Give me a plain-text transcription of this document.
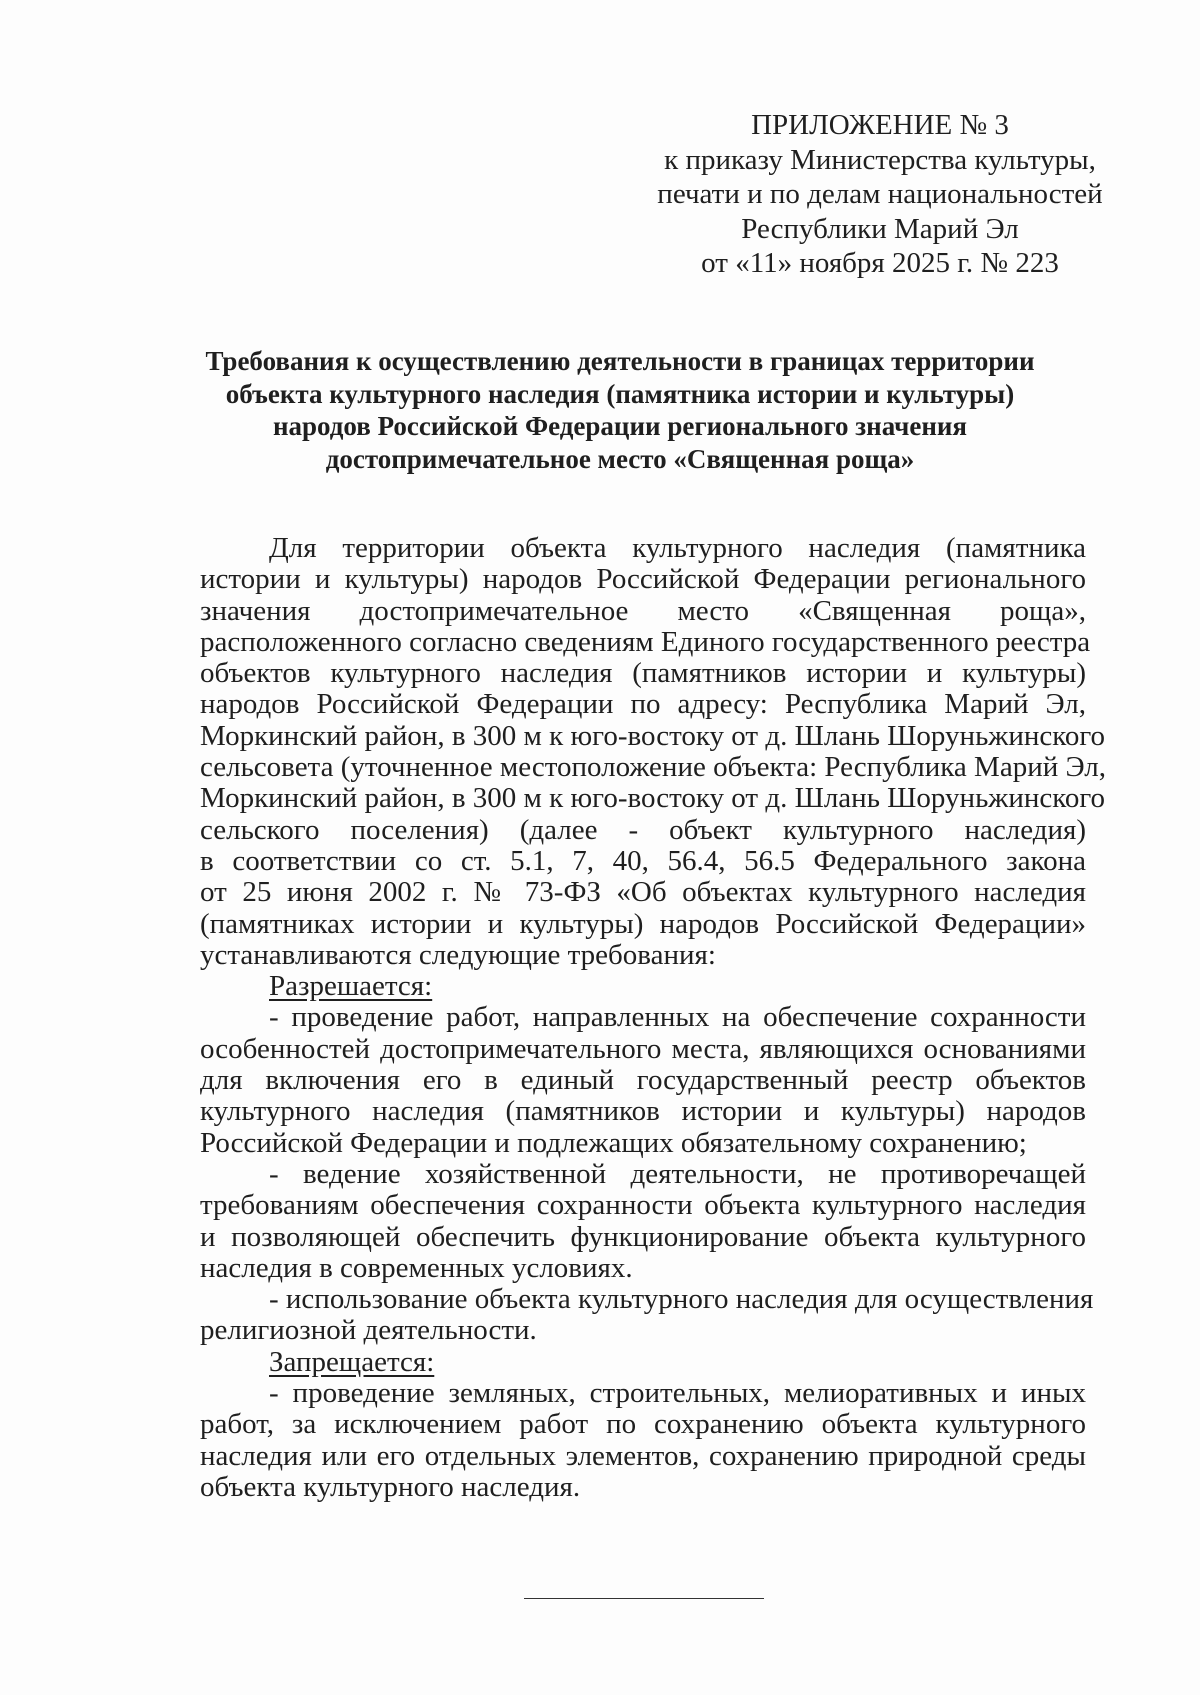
ПРИЛОЖЕНИЕ № 3
к приказу Министерства культуры,
печати и по делам национальностей
Республики Марий Эл
от «11» ноября 2025 г. № 223
Требования к осуществлению деятельности в границах территории
объекта культурного наследия (памятника истории и культуры)
народов Российской Федерации регионального значения
достопримечательное место «Священная роща»
Для территории объекта культурного наследия (памятника
истории и культуры) народов Российской Федерации регионального
значения достопримечательное место «Священная роща»,
расположенного согласно сведениям Единого государственного реестра
объектов культурного наследия (памятников истории и культуры)
народов Российской Федерации по адресу: Республика Марий Эл,
Моркинский район, в 300 м к юго-востоку от д. Шлань Шоруньжинского
сельсовета (уточненное местоположение объекта: Республика Марий Эл,
Моркинский район, в 300 м к юго-востоку от д. Шлань Шоруньжинского
сельского поселения) (далее - объект культурного наследия)
в соответствии со ст. 5.1, 7, 40, 56.4, 56.5 Федерального закона
от 25 июня 2002 г. № 73-ФЗ «Об объектах культурного наследия
(памятниках истории и культуры) народов Российской Федерации»
устанавливаются следующие требования:
Разрешается:
- проведение работ, направленных на обеспечение сохранности
особенностей достопримечательного места, являющихся основаниями
для включения его в единый государственный реестр объектов
культурного наследия (памятников истории и культуры) народов
Российской Федерации и подлежащих обязательному сохранению;
- ведение хозяйственной деятельности, не противоречащей
требованиям обеспечения сохранности объекта культурного наследия
и позволяющей обеспечить функционирование объекта культурного
наследия в современных условиях.
- использование объекта культурного наследия для осуществления
религиозной деятельности.
Запрещается:
- проведение земляных, строительных, мелиоративных и иных
работ, за исключением работ по сохранению объекта культурного
наследия или его отдельных элементов, сохранению природной среды
объекта культурного наследия.
